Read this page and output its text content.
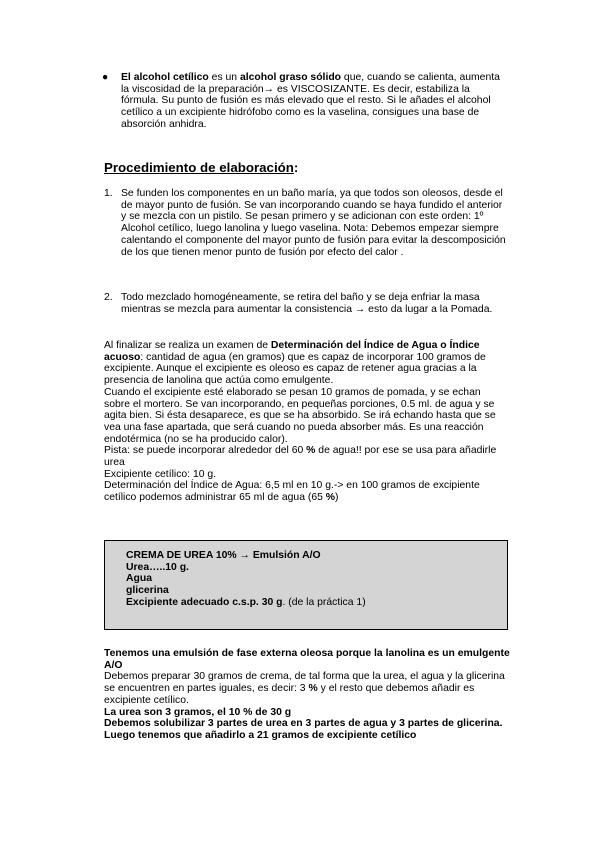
● El alcohol cetílico es un alcohol graso sólido que, cuando se calienta, aumenta la viscosidad de la preparación→ es VISCOSIZANTE. Es decir, estabiliza la fórmula. Su punto de fusión es más elevado que el resto. Si le añades el alcohol cetílico a un excipiente hidrófobo como es la vaselina, consigues una base de absorción anhidra.
Procedimiento de elaboración:
1. Se funden los componentes en un baño maría, ya que todos son oleosos, desde el de mayor punto de fusión. Se van incorporando cuando se haya fundido el anterior y se mezcla con un pistilo. Se pesan primero y se adicionan con este orden: 1º Alcohol cetílico, luego lanolina y luego vaselina. Nota: Debemos empezar siempre calentando el componente del mayor punto de fusión para evitar la descomposición de los que tienen menor punto de fusión por efecto del calor .
2. Todo mezclado homogéneamente, se retira del baño y se deja enfriar la masa mientras se mezcla para aumentar la consistencia → esto da lugar a la Pomada.
Al finalizar se realiza un examen de Determinación del Índice de Agua o Índice acuoso: cantidad de agua (en gramos) que es capaz de incorporar 100 gramos de excipiente. Aunque el excipiente es oleoso es capaz de retener agua gracias a la presencia de lanolina que actúa como emulgente.
Cuando el excipiente esté elaborado se pesan 10 gramos de pomada, y se echan sobre el mortero. Se van incorporando, en pequeñas porciones, 0.5 ml. de agua y se agita bien. Si ésta desaparece, es que se ha absorbido. Se irá echando hasta que se vea una fase apartada, que será cuando no pueda absorber más. Es una reacción endotérmica (no se ha producido calor).
Pista: se puede incorporar alrededor del 60 % de agua!! por ese se usa para añadirle urea
Excipiente cetílico: 10 g.
Determinación del Índice de Agua: 6,5 ml en 10 g.-> en 100 gramos de excipiente cetílico podemos administrar 65 ml de agua (65 %)
CREMA DE UREA 10% → Emulsión A/O
Urea…..10 g.
Agua
glicerina
Excipiente adecuado c.s.p. 30 g. (de la práctica 1)
Tenemos una emulsión de fase externa oleosa porque la lanolina es un emulgente A/O
Debemos preparar 30 gramos de crema, de tal forma que la urea, el agua y la glicerina se encuentren en partes iguales, es decir: 3 % y el resto que debemos añadir es excipiente cetílico.
La urea son 3 gramos, el 10 % de 30 g
Debemos solubilizar 3 partes de urea en 3 partes de agua y 3 partes de glicerina.
Luego tenemos que añadirlo a 21 gramos de excipiente cetílico
